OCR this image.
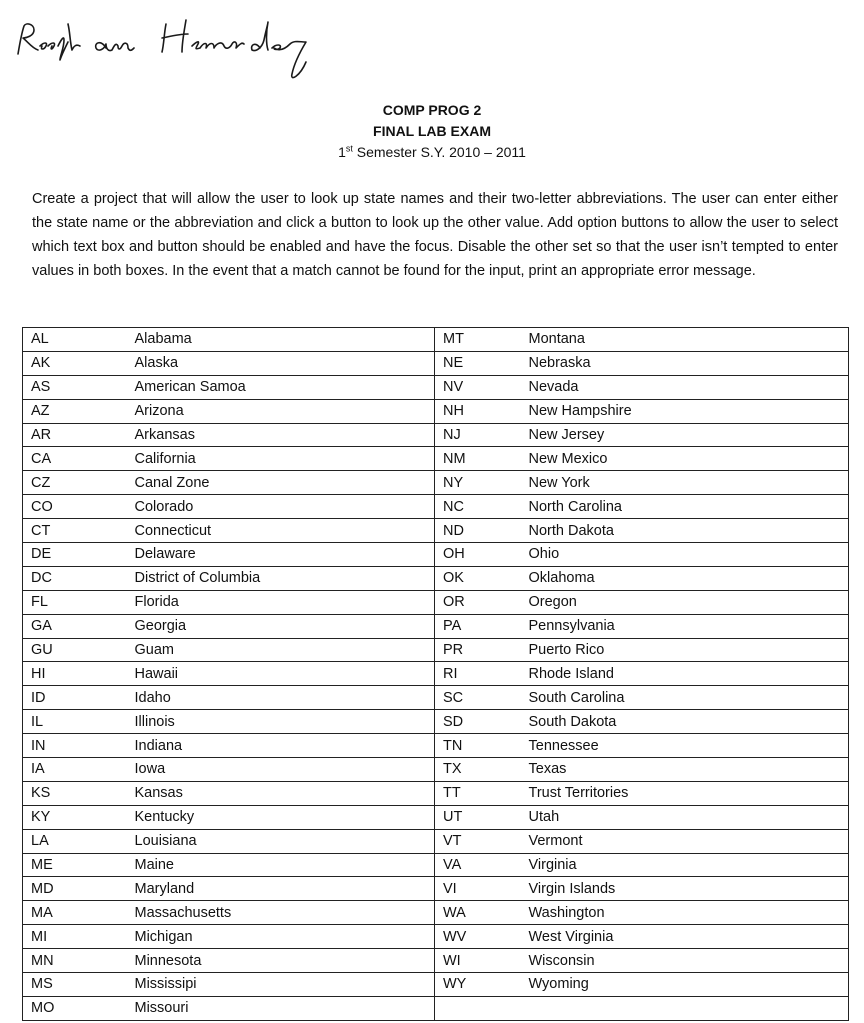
COMP PROG 2
FINAL LAB EXAM
1st Semester S.Y. 2010 – 2011

Create a project that will allow the user to look up state names and their two-letter abbreviations. The user can enter either the state name or the abbreviation and click a button to look up the other value. Add option buttons to allow the user to select which text box and button should be enabled and have the focus. Disable the other set so that the user isn’t tempted to enter values in both boxes. In the event that a match cannot be found for the input, print an appropriate error message.

AL	Alabama	MT	Montana
AK	Alaska	NE	Nebraska
AS	American Samoa	NV	Nevada
AZ	Arizona	NH	New Hampshire
AR	Arkansas	NJ	New Jersey
CA	California	NM	New Mexico
CZ	Canal Zone	NY	New York
CO	Colorado	NC	North Carolina
CT	Connecticut	ND	North Dakota
DE	Delaware	OH	Ohio
DC	District of Columbia	OK	Oklahoma
FL	Florida	OR	Oregon
GA	Georgia	PA	Pennsylvania
GU	Guam	PR	Puerto Rico
HI	Hawaii	RI	Rhode Island
ID	Idaho	SC	South Carolina
IL	Illinois	SD	South Dakota
IN	Indiana	TN	Tennessee
IA	Iowa	TX	Texas
KS	Kansas	TT	Trust Territories
KY	Kentucky	UT	Utah
LA	Louisiana	VT	Vermont
ME	Maine	VA	Virginia
MD	Maryland	VI	Virgin Islands
MA	Massachusetts	WA	Washington
MI	Michigan	WV	West Virginia
MN	Minnesota	WI	Wisconsin
MS	Mississipi	WY	Wyoming
MO	Missouri		
